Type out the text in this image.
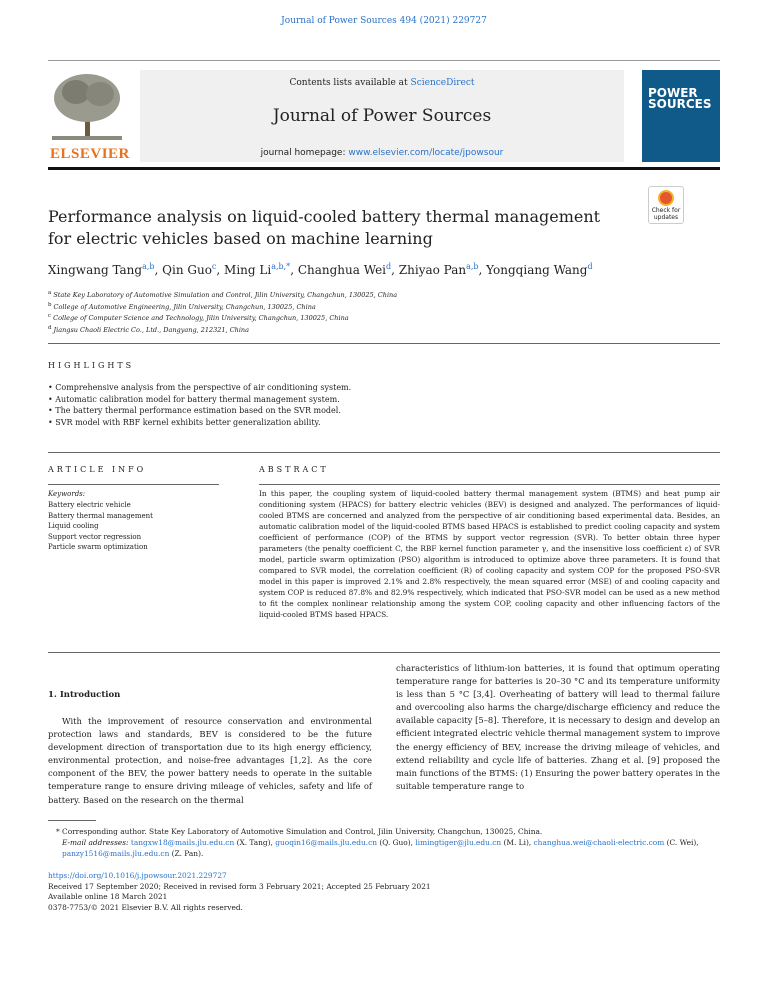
Journal of Power Sources 494 (2021) 229727
ELSEVIER
Contents lists available at ScienceDirect
Journal of Power Sources
journal homepage: www.elsevier.com/locate/jpowsour
POWER SOURCES
Performance analysis on liquid-cooled battery thermal management for electric vehicles based on machine learning
Check for updates
Xingwang Tang$^{a,b}$, Qin Guo$^c$, Ming $Li^{a,b,*}$, Changhua Wei$^d$, Zhiyao Pan$^{a,b}$, Yongqiang Wang$^d$
$^a$ State Key Laboratory of Automotive Simulation and Control, Jilin University, Changchun, 130025, China
$^b$ College of Automotive Engineering, Jilin University, Changchun, 130025, China
$^c$ College of Computer Science and Technology, Jilin University, Changchun, 130025, China
$^d$ Jiangsu Chaoli Electric Co., Ltd., Dangyang, 212321, China
HIGHLIGHTS
• Comprehensive analysis from the perspective of air conditioning system.
• Automatic calibration model for battery thermal management system.
• The battery thermal performance estimation based on the SVR model.
• SVR model with RBF kernel exhibits better generalization ability.
ARTICLE INFO
Keywords:
Battery electric vehicle
Battery thermal management
Liquid cooling
Support vector regression
Particle swarm optimization
ABSTRACT
In this paper, the coupling system of liquid-cooled battery thermal management system (BTMS) and heat pump air conditioning system (HPACS) for battery electric vehicles (BEV) is designed and analyzed. The performances of liquid-cooled BTMS are concerned and analyzed from the perspective of air conditioning based experimental data. Besides, an automatic calibration model of the liquid-cooled BTMS based HPACS is established to predict cooling capacity and system coefficient of performance (COP) of the BTMS by support vector regression (SVR). To better obtain three hyper parameters (the penalty coefficient C, the RBF kernel function parameter γ, and the insensitive loss coefficient ε) of SVR model, particle swarm optimization (PSO) algorithm is introduced to optimize above three parameters. It is found that compared to SVR model, the correlation coefficient (R) of cooling capacity and system COP for the proposed PSO-SVR model in this paper is improved 2.1% and 2.8% respectively, the mean squared error (MSE) of and cooling capacity and system COP is reduced 87.8% and 82.9% respectively, which indicated that PSO-SVR model can be used as a new method to fit the complex nonlinear relationship among the system COP, cooling capacity and other influencing factors of the liquid-cooled BTMS based HPACS.
1. Introduction
With the improvement of resource conservation and environmental protection laws and standards, BEV is considered to be the future development direction of transportation due to its high energy efficiency, environmental protection, and noise-free advantages [1,2]. As the core component of the BEV, the power battery needs to operate in the suitable temperature range to ensure driving mileage of vehicles, safety and life of battery. Based on the research on the thermal
characteristics of lithium-ion batteries, it is found that optimum operating temperature range for batteries is 20–30 °C and its temperature uniformity is less than 5 °C [3,4]. Overheating of battery will lead to thermal failure and overcooling also harms the charge/discharge efficiency and reduce the available capacity [5–8]. Therefore, it is necessary to design and develop an efficient integrated electric vehicle thermal management system to improve the energy efficiency of BEV, increase the driving mileage of vehicles, and extend reliability and cycle life of batteries. Zhang et al. [9] proposed the main functions of the BTMS: (1) Ensuring the power battery operates in the suitable temperature range to
* Corresponding author. State Key Laboratory of Automotive Simulation and Control, Jilin University, Changchun, 130025, China.
E-mail addresses: tangxw18@mails.jlu.edu.cn (X. Tang), guoqin16@mails.jlu.edu.cn (Q. Guo), limingtiger@jlu.edu.cn (M. Li), changhua.wei@chaoli-electric.com (C. Wei), panzy1516@mails.jlu.edu.cn (Z. Pan).
https://doi.org/10.1016/j.jpowsour.2021.229727
Received 17 September 2020; Received in revised form 3 February 2021; Accepted 25 February 2021
Available online 18 March 2021
0378-7753/© 2021 Elsevier B.V. All rights reserved.
